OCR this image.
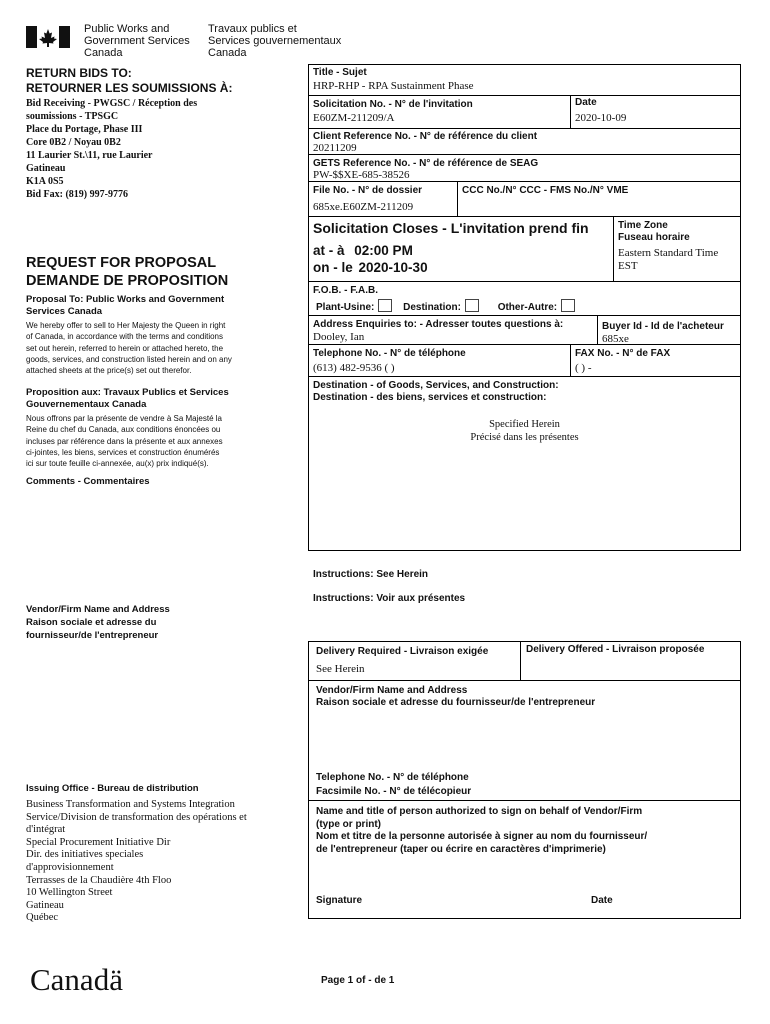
Public Works and
Government Services
Canada
Travaux publics et
Services gouvernementaux
Canada
RETURN BIDS TO:
RETOURNER LES SOUMISSIONS À:
Bid Receiving - PWGSC / Réception des
soumissions - TPSGC
Place du Portage, Phase III
Core 0B2 / Noyau 0B2
11 Laurier St.\11, rue Laurier
Gatineau
K1A 0S5
Bid Fax: (819) 997-9776
REQUEST FOR PROPOSAL
DEMANDE DE PROPOSITION
Proposal To: Public Works and Government
Services Canada
We hereby offer to sell to Her Majesty the Queen in right
of Canada, in accordance with the terms and conditions
set out herein, referred to herein or attached hereto, the
goods, services, and construction listed herein and on any
attached sheets at the price(s) set out therefor.
Proposition aux: Travaux Publics et Services
Gouvernementaux Canada
Nous offrons par la présente de vendre à Sa Majesté la
Reine du chef du Canada, aux conditions énoncées ou
incluses par référence dans la présente et aux annexes
ci-jointes, les biens, services et construction énumérés
ici sur toute feuille ci-annexée, au(x) prix indiqué(s).
Comments - Commentaires
Vendor/Firm Name and Address
Raison sociale et adresse du
fournisseur/de l'entrepreneur
Issuing Office - Bureau de distribution
Business Transformation and Systems Integration
Service/Division de transformation des opérations et
d'intégrat
Special Procurement Initiative Dir
Dir. des initiatives speciales
d'approvisionnement
Terrasses de la Chaudière 4th Floo
10 Wellington Street
Gatineau
Québec
Canadä	Page 1 of - de 1
Title - Sujet
HRP-RHP - RPA Sustainment Phase
Solicitation No. - N° de l'invitation
E60ZM-211209/A
Date
2020-10-09
Client Reference No. - N° de référence du client
20211209
GETS Reference No. - N° de référence de SEAG
PW-$$XE-685-38526
File No. - N° de dossier
685xe.E60ZM-211209
CCC No./N° CCC - FMS No./N° VME
Solicitation Closes - L'invitation prend fin
at - à 02:00 PM
on - le 2020-10-30
Time Zone
Fuseau horaire
Eastern Standard Time
EST
F.O.B. - F.A.B.
Plant-Usine:	Destination:	Other-Autre:
Address Enquiries to: - Adresser toutes questions à:
Dooley, Ian
Buyer Id - Id de l'acheteur
685xe
Telephone No. - N° de téléphone
(613) 482-9536 ( )
FAX No. - N° de FAX
( ) -
Destination - of Goods, Services, and Construction:
Destination - des biens, services et construction:
Specified Herein
Précisé dans les présentes
Instructions: See Herein
Instructions: Voir aux présentes
Delivery Required - Livraison exigée
See Herein
Delivery Offered - Livraison proposée
Vendor/Firm Name and Address
Raison sociale et adresse du fournisseur/de l'entrepreneur
Telephone No. - N° de téléphone
Facsimile No. - N° de télécopieur
Name and title of person authorized to sign on behalf of Vendor/Firm
(type or print)
Nom et titre de la personne autorisée à signer au nom du fournisseur/
de l'entrepreneur (taper ou écrire en caractères d'imprimerie)
Signature	Date
